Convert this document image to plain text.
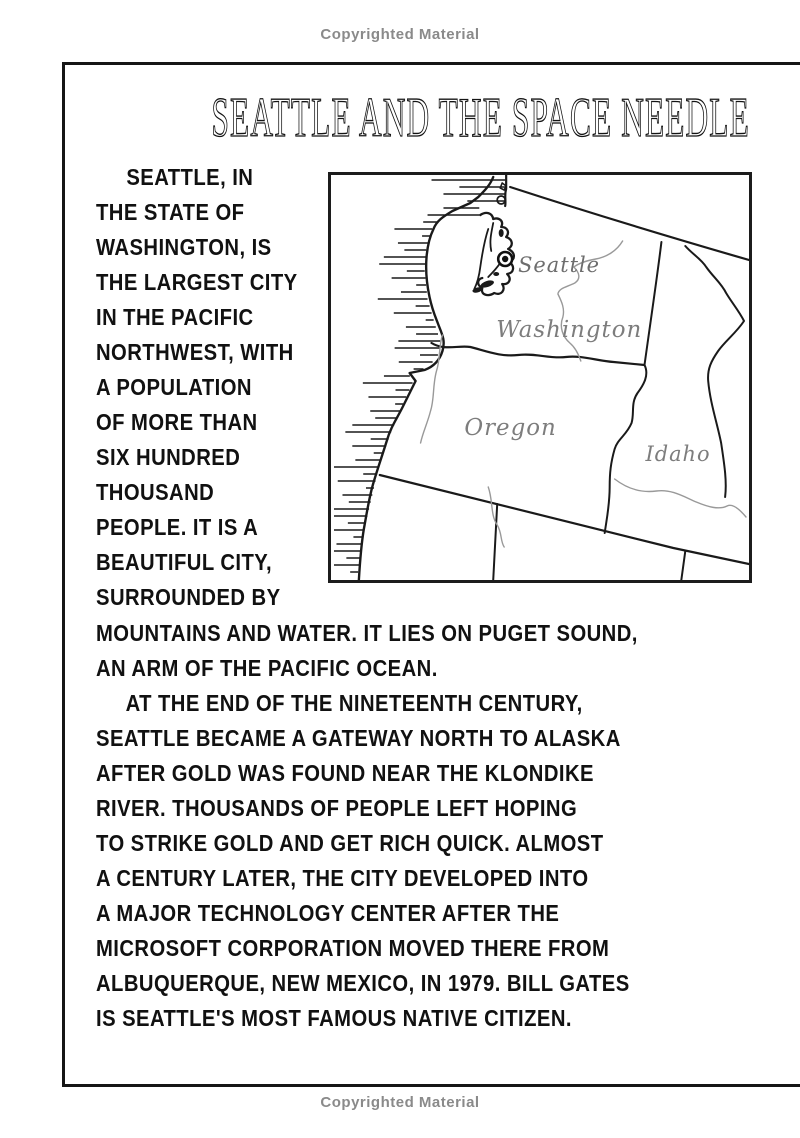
Copyrighted Material
SEATTLE AND THE SPACE NEEDLE
SEATTLE, IN
THE STATE OF
WASHINGTON, IS
THE LARGEST CITY
IN THE PACIFIC
NORTHWEST, WITH
A POPULATION
OF MORE THAN
SIX HUNDRED
THOUSAND
PEOPLE. IT IS A
BEAUTIFUL CITY,
SURROUNDED BY
MOUNTAINS AND WATER. IT LIES ON PUGET SOUND,
AN ARM OF THE PACIFIC OCEAN.
AT THE END OF THE NINETEENTH CENTURY,
SEATTLE BECAME A GATEWAY NORTH TO ALASKA
AFTER GOLD WAS FOUND NEAR THE KLONDIKE
RIVER. THOUSANDS OF PEOPLE LEFT HOPING
TO STRIKE GOLD AND GET RICH QUICK. ALMOST
A CENTURY LATER, THE CITY DEVELOPED INTO
A MAJOR TECHNOLOGY CENTER AFTER THE
MICROSOFT CORPORATION MOVED THERE FROM
ALBUQUERQUE, NEW MEXICO, IN 1979. BILL GATES
IS SEATTLE'S MOST FAMOUS NATIVE CITIZEN.
Seattle
Washington
Oregon
Idaho
Copyrighted Material
